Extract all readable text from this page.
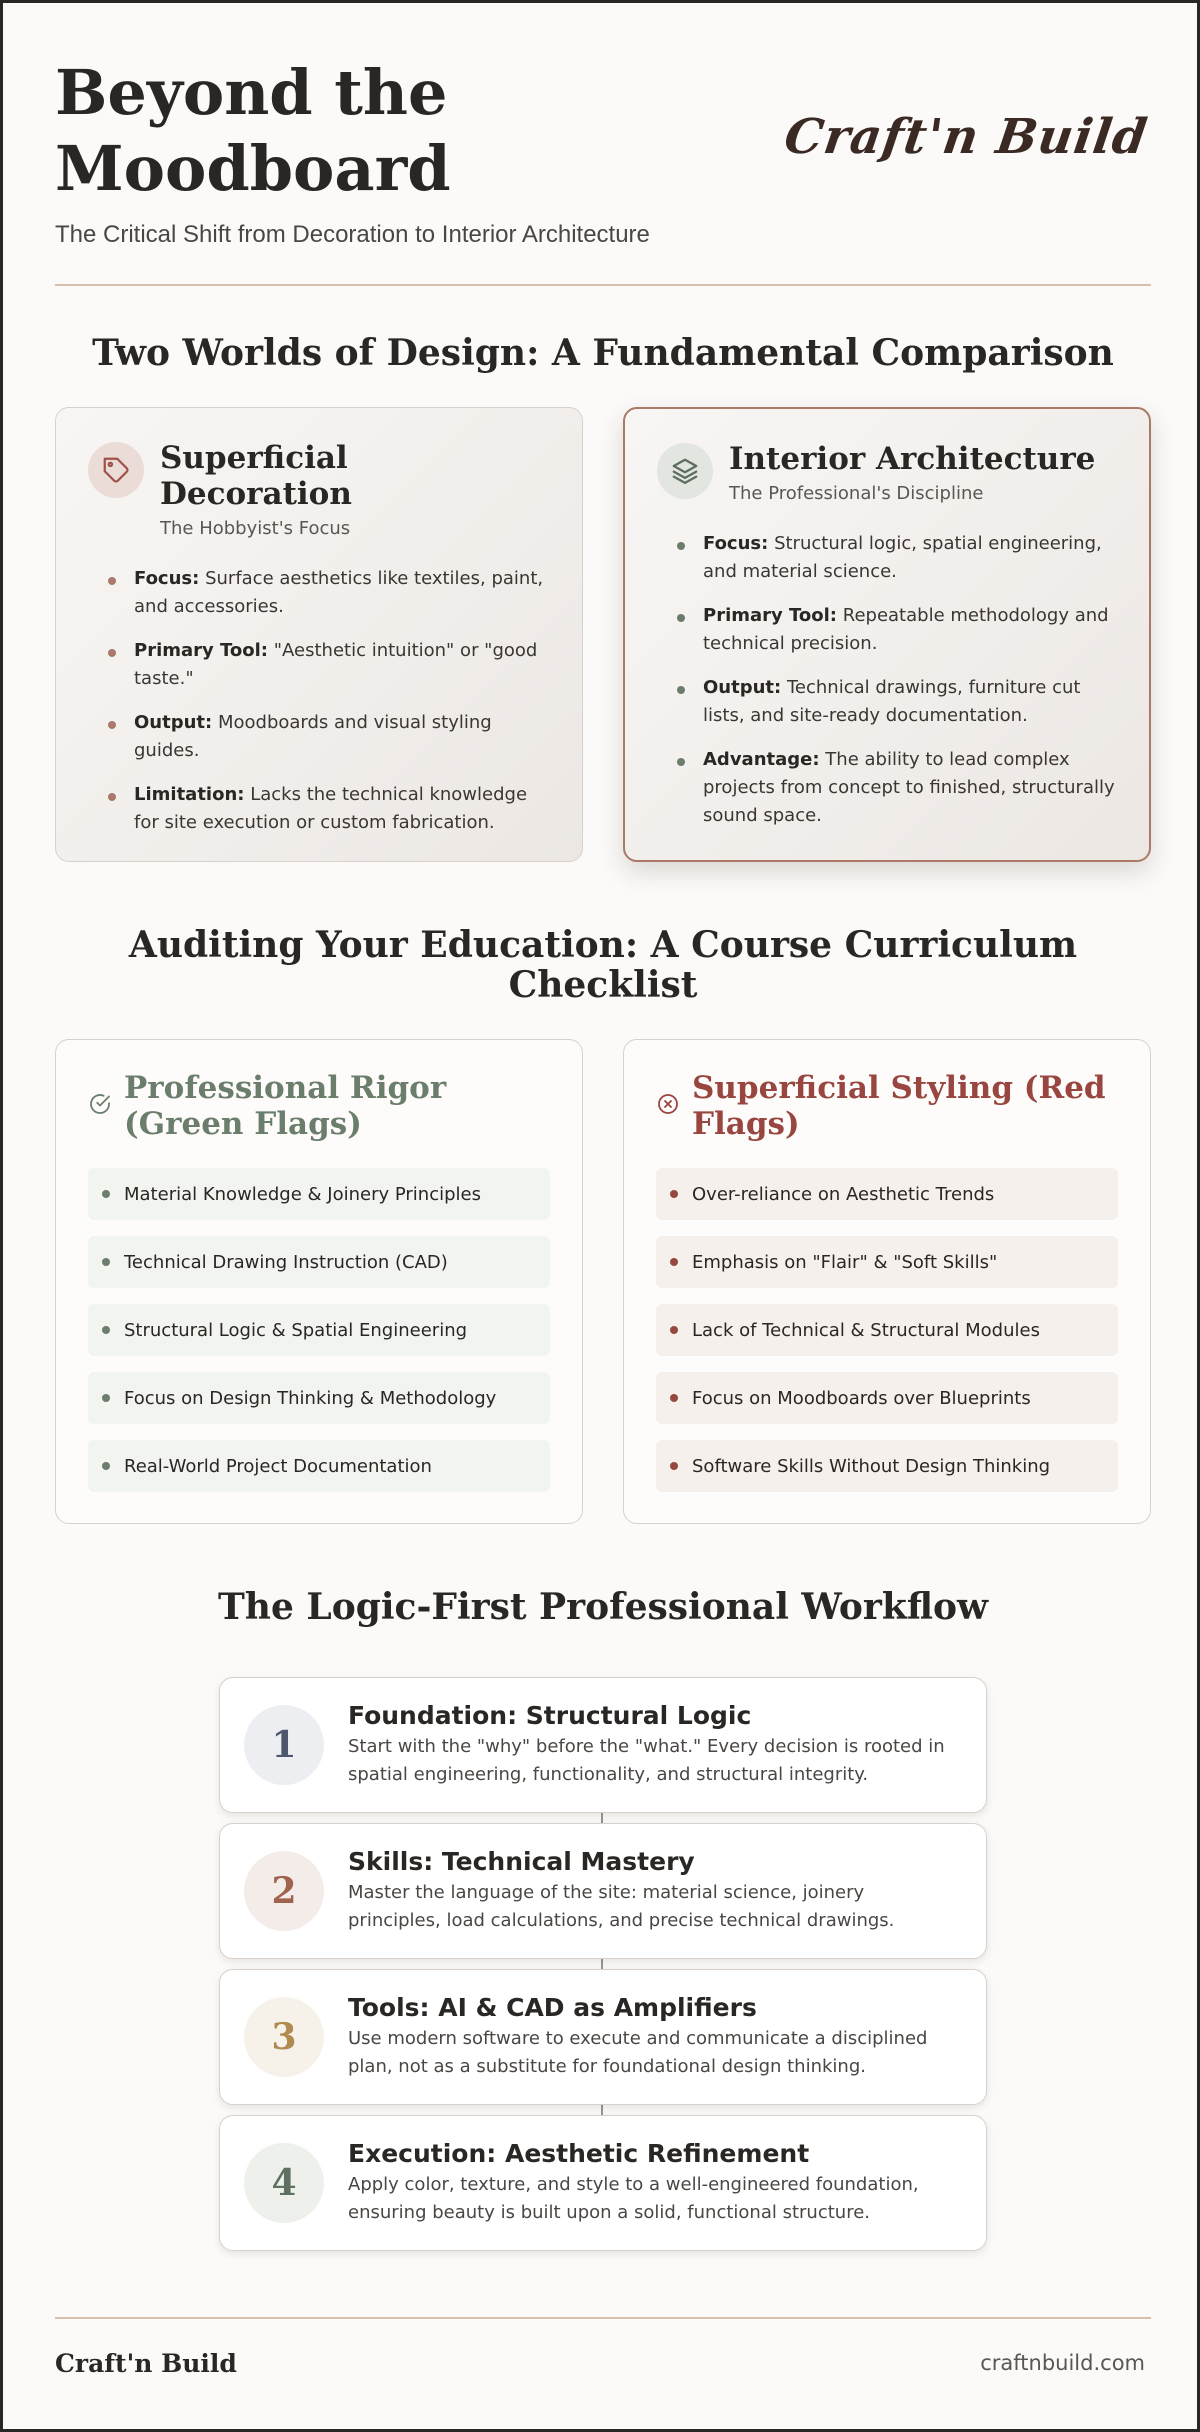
Beyond the Moodboard
The Critical Shift from Decoration to Interior Architecture
Craft'n Build
Two Worlds of Design: A Fundamental Comparison
Superficial Decoration
The Hobbyist's Focus
Focus: Surface aesthetics like textiles, paint, and accessories.
Primary Tool: "Aesthetic intuition" or "good taste."
Output: Moodboards and visual styling guides.
Limitation: Lacks the technical knowledge for site execution or custom fabrication.
Interior Architecture
The Professional's Discipline
Focus: Structural logic, spatial engineering, and material science.
Primary Tool: Repeatable methodology and technical precision.
Output: Technical drawings, furniture cut lists, and site-ready documentation.
Advantage: The ability to lead complex projects from concept to finished, structurally sound space.
Auditing Your Education: A Course Curriculum Checklist
Professional Rigor (Green Flags)
Material Knowledge & Joinery Principles
Technical Drawing Instruction (CAD)
Structural Logic & Spatial Engineering
Focus on Design Thinking & Methodology
Real-World Project Documentation
Superficial Styling (Red Flags)
Over-reliance on Aesthetic Trends
Emphasis on "Flair" & "Soft Skills"
Lack of Technical & Structural Modules
Focus on Moodboards over Blueprints
Software Skills Without Design Thinking
The Logic-First Professional Workflow
1
Foundation: Structural Logic
Start with the "why" before the "what." Every decision is rooted in spatial engineering, functionality, and structural integrity.
2
Skills: Technical Mastery
Master the language of the site: material science, joinery principles, load calculations, and precise technical drawings.
3
Tools: AI & CAD as Amplifiers
Use modern software to execute and communicate a disciplined plan, not as a substitute for foundational design thinking.
4
Execution: Aesthetic Refinement
Apply color, texture, and style to a well-engineered foundation, ensuring beauty is built upon a solid, functional structure.
Craft'n Build	craftnbuild.com
